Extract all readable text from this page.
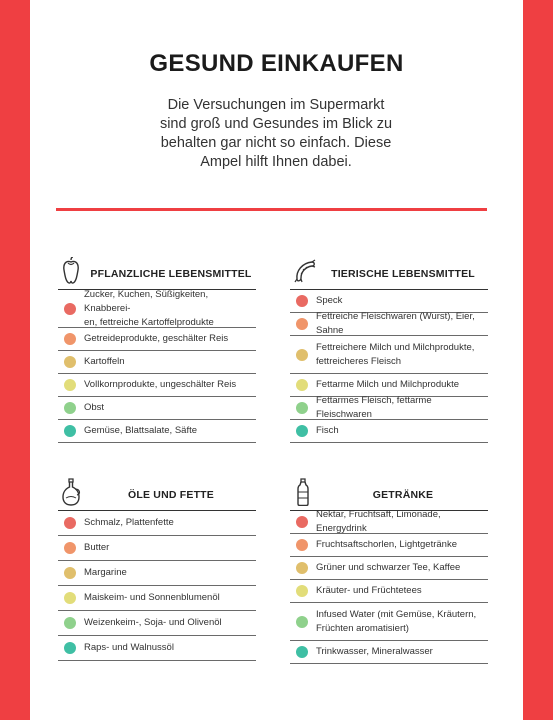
GESUND EINKAUFEN
Die Versuchungen im Supermarkt
sind groß und Gesundes im Blick zu
behalten gar nicht so einfach. Diese
Ampel hilft Ihnen dabei.
PFLANZLICHE LEBENSMITTEL
Zucker, Kuchen, Süßigkeiten, Knabberei-
en, fettreiche Kartoffelprodukte
Getreideprodukte, geschälter Reis
Kartoffeln
Vollkornprodukte, ungeschälter Reis
Obst
Gemüse, Blattsalate, Säfte
TIERISCHE LEBENSMITTEL
Speck
Fettreiche Fleischwaren (Wurst), Eier, Sahne
Fettreichere Milch und Milchprodukte,
fettreicheres Fleisch
Fettarme Milch und Milchprodukte
Fettarmes Fleisch, fettarme Fleischwaren
Fisch
ÖLE UND FETTE
Schmalz, Plattenfette
Butter
Margarine
Maiskeim- und Sonnenblumenöl
Weizenkeim-, Soja- und Olivenöl
Raps- und Walnussöl
GETRÄNKE
Nektar, Fruchtsaft, Limonade, Energydrink
Fruchtsaftschorlen, Lightgetränke
Grüner und schwarzer Tee, Kaffee
Kräuter- und Früchtetees
Infused Water (mit Gemüse, Kräutern,
Früchten aromatisiert)
Trinkwasser, Mineralwasser
